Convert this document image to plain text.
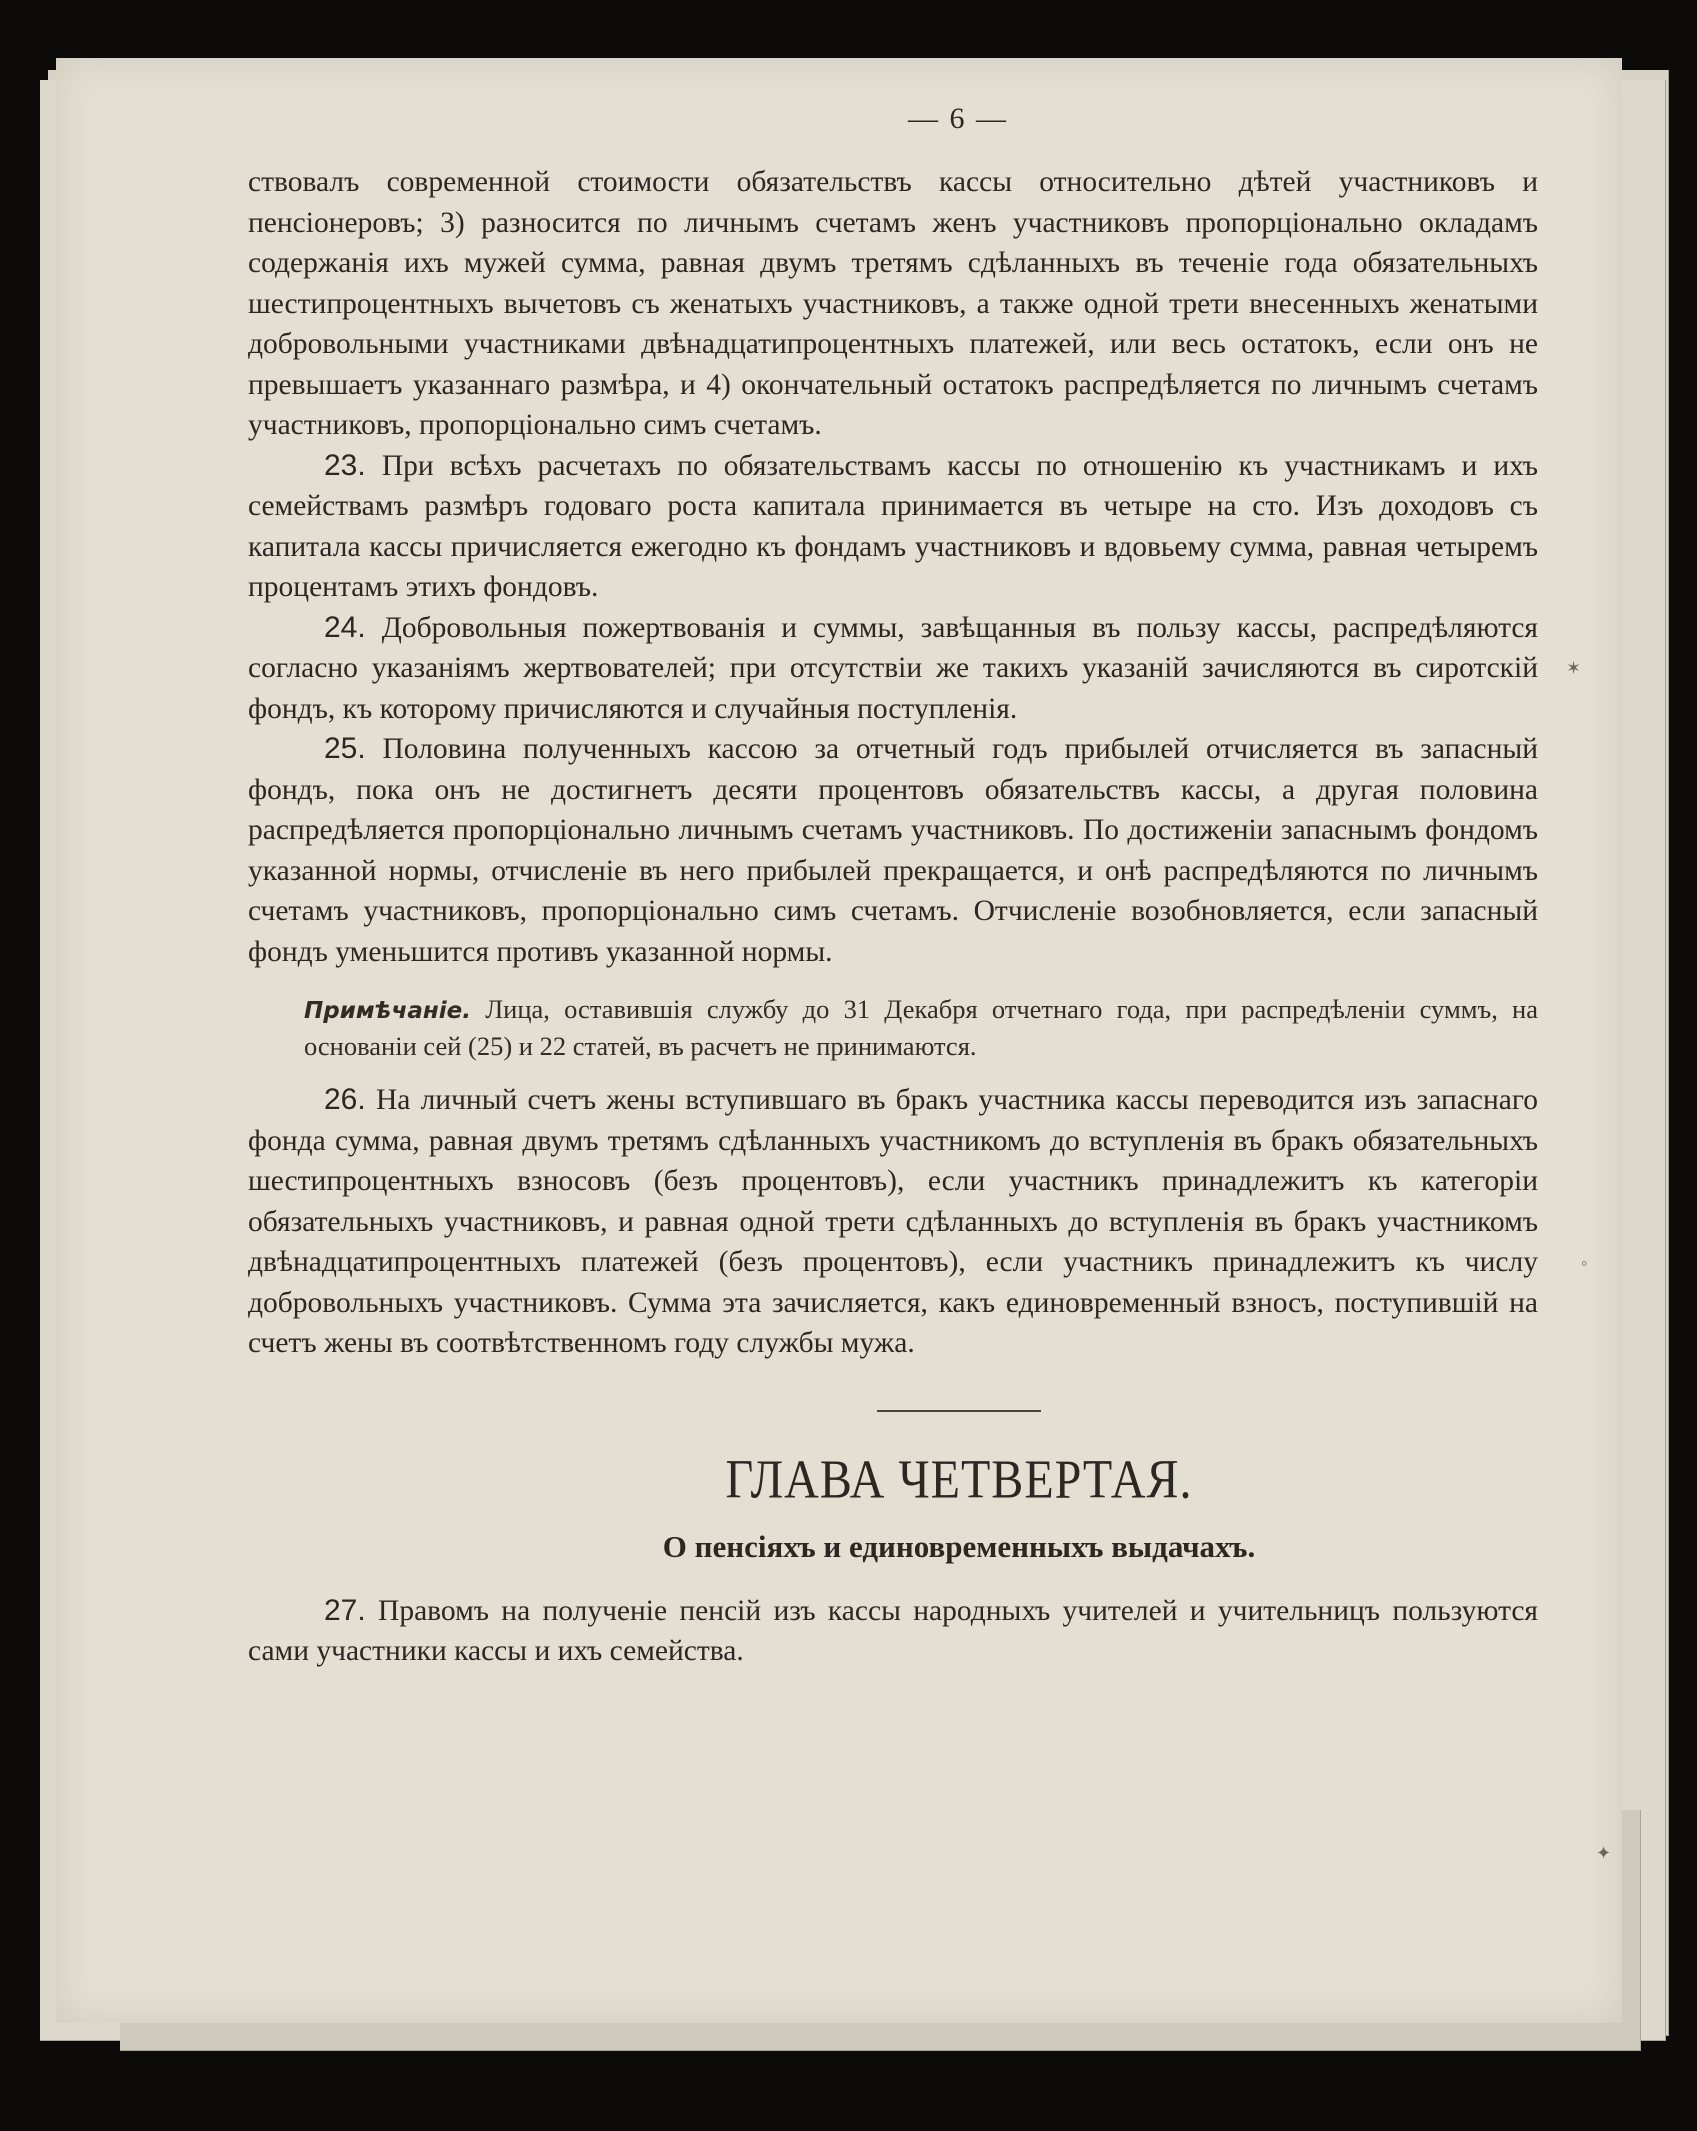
✶
◦
✦
— 6 —

ствовалъ современной стоимости обязательствъ кассы относительно дѣтей участниковъ и пенсіонеровъ; 3) разносится по личнымъ счетамъ женъ участниковъ пропорціонально окладамъ содержанія ихъ мужей сумма, равная двумъ третямъ сдѣланныхъ въ теченіе года обязательныхъ шестипроцентныхъ вычетовъ съ женатыхъ участниковъ, а также одной трети внесенныхъ женатыми добровольными участниками двѣнадцатипроцентныхъ платежей, или весь остатокъ, если онъ не превышаетъ указаннаго размѣра, и 4) окончательный остатокъ распредѣляется по личнымъ счетамъ участниковъ, пропорціонально симъ счетамъ.

23. При всѣхъ расчетахъ по обязательствамъ кассы по отношенію къ участникамъ и ихъ семействамъ размѣръ годоваго роста капитала принимается въ четыре на сто. Изъ доходовъ съ капитала кассы причисляется ежегодно къ фондамъ участниковъ и вдовьему сумма, равная четыремъ процентамъ этихъ фондовъ.

24. Добровольныя пожертвованія и суммы, завѣщанныя въ пользу кассы, распредѣляются согласно указаніямъ жертвователей; при отсутствіи же такихъ указаній зачисляются въ сиротскій фондъ, къ которому причисляются и случайныя поступленія.

25. Половина полученныхъ кассою за отчетный годъ прибылей отчисляется въ запасный фондъ, пока онъ не достигнетъ десяти процентовъ обязательствъ кассы, а другая половина распредѣляется пропорціонально личнымъ счетамъ участниковъ. По достиженіи запаснымъ фондомъ указанной нормы, отчисленіе въ него прибылей прекращается, и онѣ распредѣляются по личнымъ счетамъ участниковъ, пропорціонально симъ счетамъ. Отчисленіе возобновляется, если запасный фондъ уменьшится противъ указанной нормы.

Примѣчаніе. Лица, оставившія службу до 31 Декабря отчетнаго года, при распредѣленіи суммъ, на основаніи сей (25) и 22 статей, въ расчетъ не принимаются.

26. На личный счетъ жены вступившаго въ бракъ участника кассы переводится изъ запаснаго фонда сумма, равная двумъ третямъ сдѣланныхъ участникомъ до вступленія въ бракъ обязательныхъ шестипроцентныхъ взносовъ (безъ процентовъ), если участникъ принадлежитъ къ категоріи обязательныхъ участниковъ, и равная одной трети сдѣланныхъ до вступленія въ бракъ участникомъ двѣнадцатипроцентныхъ платежей (безъ процентовъ), если участникъ принадлежитъ къ числу добровольныхъ участниковъ. Сумма эта зачисляется, какъ единовременный взносъ, поступившій на счетъ жены въ соотвѣтственномъ году службы мужа.

ГЛАВА ЧЕТВЕРТАЯ.
О пенсіяхъ и единовременныхъ выдачахъ.

27. Правомъ на полученіе пенсій изъ кассы народныхъ учителей и учительницъ пользуются сами участники кассы и ихъ семейства.
